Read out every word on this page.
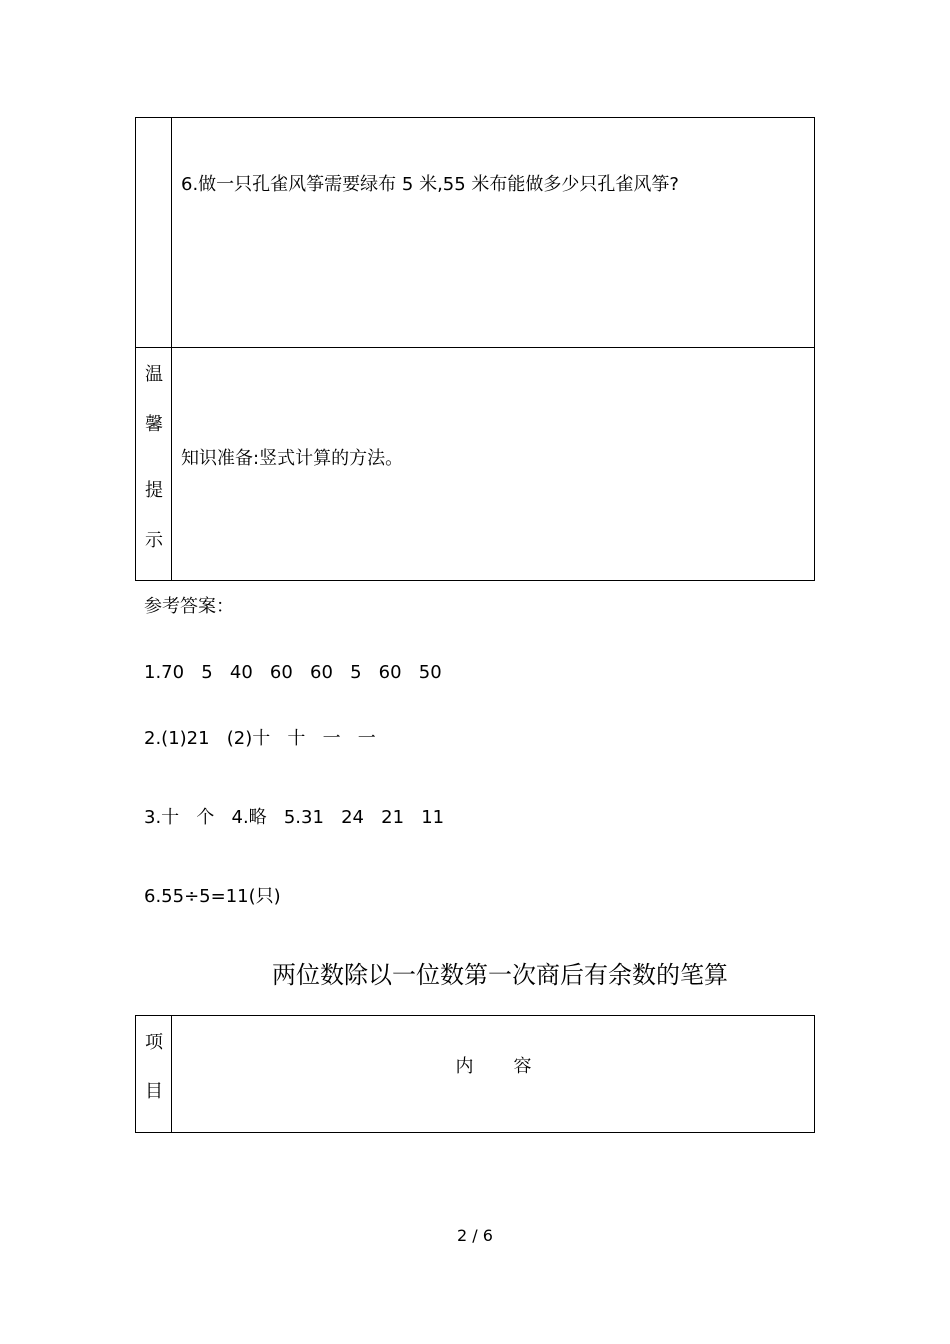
6.做一只孔雀风筝需要绿布 5 米,55 米布能做多少只孔雀风筝?
温
馨
提
示
知识准备:竖式计算的方法。
参考答案：
1.70   5   40   60   60   5   60   50
2.(1)21   (2)十   十   一   一
3.十   个   4.略   5.31   24   21   11
6.55÷5=11(只)
两位数除以一位数第一次商后有余数的笔算
项
目
内       容
2 / 6
